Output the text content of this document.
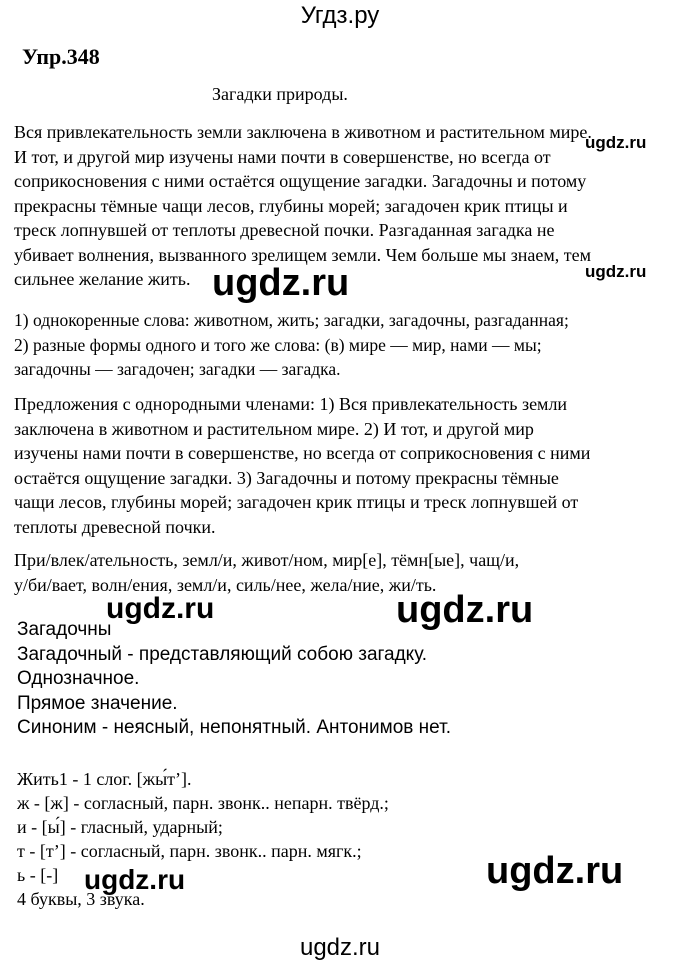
Угдз.ру
Упр.348
Загадки природы.
Вся привлекательность земли заключена в животном и растительном мире.
И тот, и другой мир изучены нами почти в совершенстве, но всегда от
соприкосновения с ними остаётся ощущение загадки. Загадочны и потому
прекрасны тёмные чащи лесов, глубины морей; загадочен крик птицы и
треск лопнувшей от теплоты древесной почки. Разгаданная загадка не
убивает волнения, вызванного зрелищем земли. Чем больше мы знаем, тем
сильнее желание жить.
1) однокоренные слова: животном, жить; загадки, загадочны, разгаданная;
2) разные формы одного и того же слова: (в) мире — мир, нами — мы;
загадочны — загадочен; загадки — загадка.
Предложения с однородными членами: 1) Вся привлекательность земли
заключена в животном и растительном мире. 2) И тот, и другой мир
изучены нами почти в совершенстве, но всегда от соприкосновения с ними
остаётся ощущение загадки. 3) Загадочны и потому прекрасны тёмные
чащи лесов, глубины морей; загадочен крик птицы и треск лопнувшей от
теплоты древесной почки.
При/влек/ательность, земл/и, живот/ном, мир[е], тёмн[ые], чащ/и,
у/би/вает, волн/ения, земл/и, силь/нее, жела/ние, жи/ть.
Загадочны
Загадочный - представляющий собою загадку.
Однозначное.
Прямое значение.
Синоним - неясный, непонятный. Антонимов нет.
Жить1 - 1 слог. [жы́т’].
ж - [ж] - согласный, парн. звонк.. непарн. твёрд.;
и - [ы́] - гласный, ударный;
т - [т’] - согласный, парн. звонк.. парн. мягк.;
ь - [-]
4 буквы, 3 звука.
ugdz.ru
ugdz.ru
ugdz.ru
ugdz.ru	ugdz.ru
ugdz.ru
ugdz.ru
ugdz.ru
